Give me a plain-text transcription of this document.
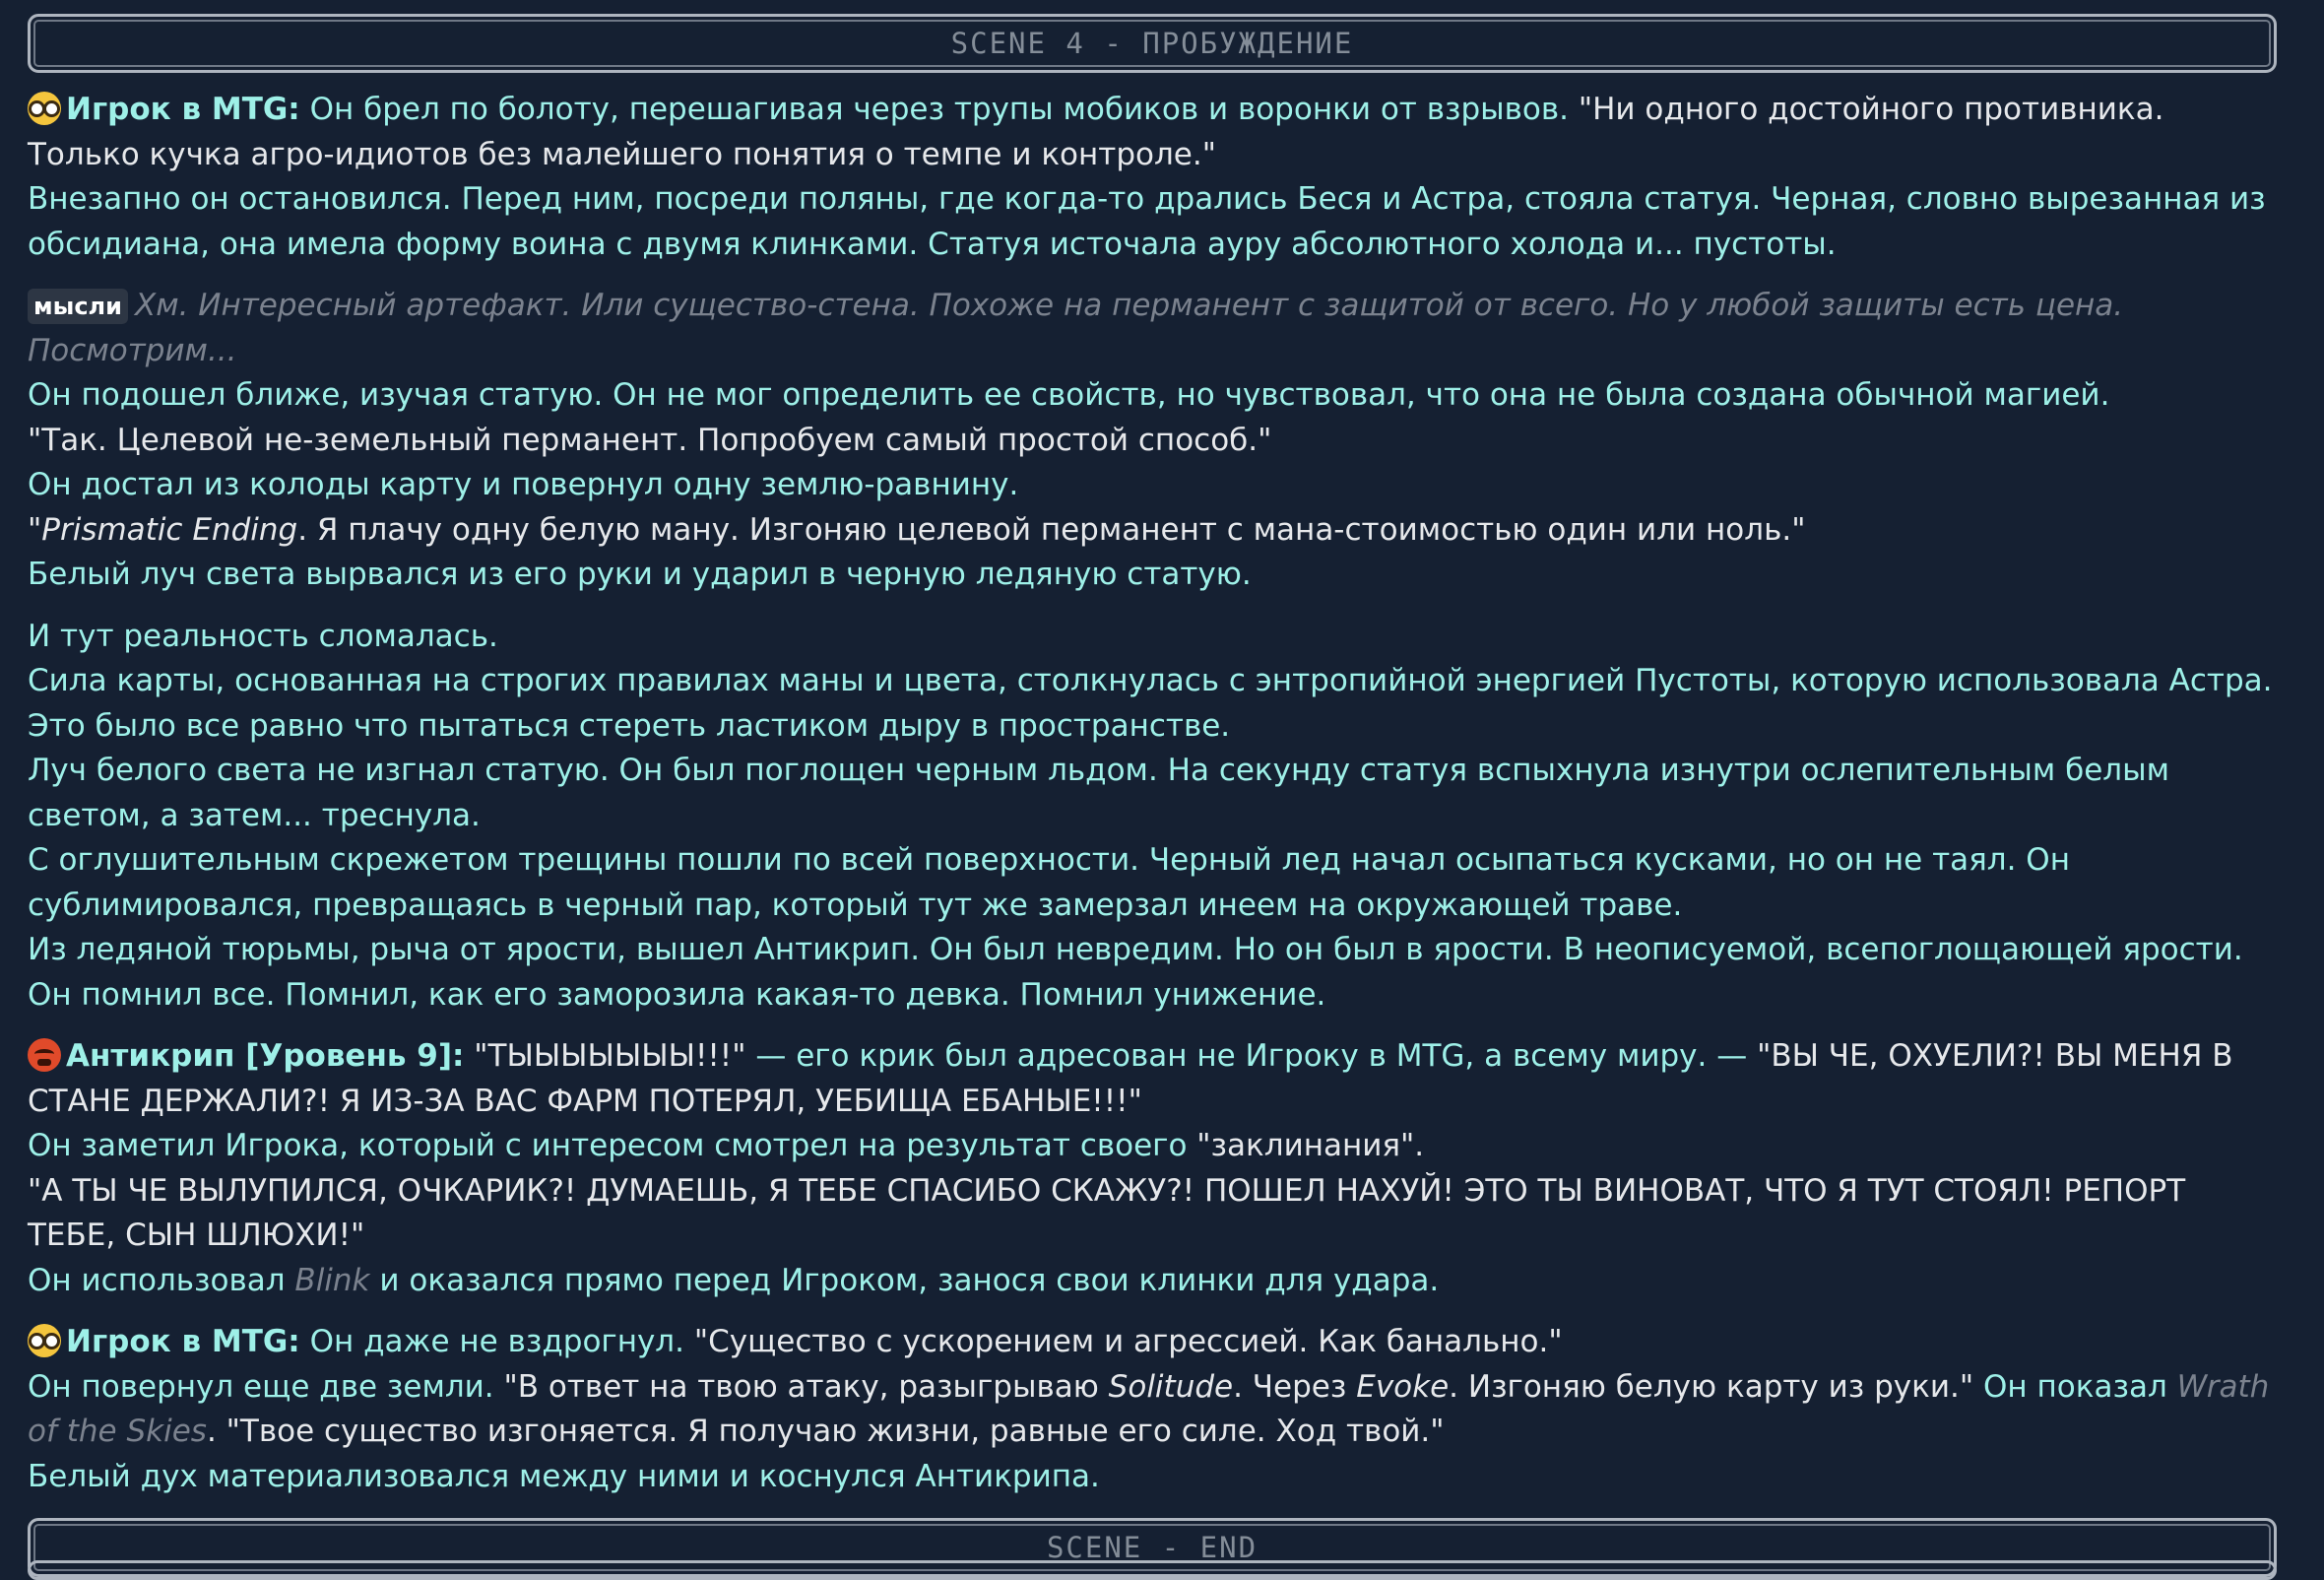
SCENE 4 - ПРОБУЖДЕНИЕ
Игрок в MTG: Он брел по болоту, перешагивая через трупы мобиков и воронки от взрывов. "Ни одного достойного противника. Только кучка агро-идиотов без малейшего понятия о темпе и контроле."
Внезапно он остановился. Перед ним, посреди поляны, где когда-то дрались Беся и Астра, стояла статуя. Черная, словно вырезанная из обсидиана, она имела форму воина с двумя клинками. Статуя источала ауру абсолютного холода и... пустоты.
мысли Хм. Интересный артефакт. Или существо-стена. Похоже на перманент с защитой от всего. Но у любой защиты есть цена. Посмотрим...
Он подошел ближе, изучая статую. Он не мог определить ее свойств, но чувствовал, что она не была создана обычной магией.
"Так. Целевой не-земельный перманент. Попробуем самый простой способ."
Он достал из колоды карту и повернул одну землю-равнину.
"Prismatic Ending. Я плачу одну белую ману. Изгоняю целевой перманент с мана-стоимостью один или ноль."
Белый луч света вырвался из его руки и ударил в черную ледяную статую.
И тут реальность сломалась.
Сила карты, основанная на строгих правилах маны и цвета, столкнулась с энтропийной энергией Пустоты, которую использовала Астра. Это было все равно что пытаться стереть ластиком дыру в пространстве.
Луч белого света не изгнал статую. Он был поглощен черным льдом. На секунду статуя вспыхнула изнутри ослепительным белым светом, а затем... треснула.
С оглушительным скрежетом трещины пошли по всей поверхности. Черный лед начал осыпаться кусками, но он не таял. Он сублимировался, превращаясь в черный пар, который тут же замерзал инеем на окружающей траве.
Из ледяной тюрьмы, рыча от ярости, вышел Антикрип. Он был невредим. Но он был в ярости. В неописуемой, всепоглощающей ярости. Он помнил все. Помнил, как его заморозила какая-то девка. Помнил унижение.
Антикрип [Уровень 9]: "ТЫЫЫЫЫЫЫ!!!" — его крик был адресован не Игроку в MTG, а всему миру. — "ВЫ ЧЕ, ОХУЕЛИ?! ВЫ МЕНЯ В СТАНЕ ДЕРЖАЛИ?! Я ИЗ-ЗА ВАС ФАРМ ПОТЕРЯЛ, УЕБИЩА ЕБАНЫЕ!!!"
Он заметил Игрока, который с интересом смотрел на результат своего "заклинания".
"А ТЫ ЧЕ ВЫЛУПИЛСЯ, ОЧКАРИК?! ДУМАЕШЬ, Я ТЕБЕ СПАСИБО СКАЖУ?! ПОШЕЛ НАХУЙ! ЭТО ТЫ ВИНОВАТ, ЧТО Я ТУТ СТОЯЛ! РЕПОРТ ТЕБЕ, СЫН ШЛЮХИ!"
Он использовал Blink и оказался прямо перед Игроком, занося свои клинки для удара.
Игрок в MTG: Он даже не вздрогнул. "Существо с ускорением и агрессией. Как банально."
Он повернул еще две земли. "В ответ на твою атаку, разыгрываю Solitude. Через Evoke. Изгоняю белую карту из руки." Он показал Wrath of the Skies. "Твое существо изгоняется. Я получаю жизни, равные его силе. Ход твой."
Белый дух материализовался между ними и коснулся Антикрипа.
SCENE - END
